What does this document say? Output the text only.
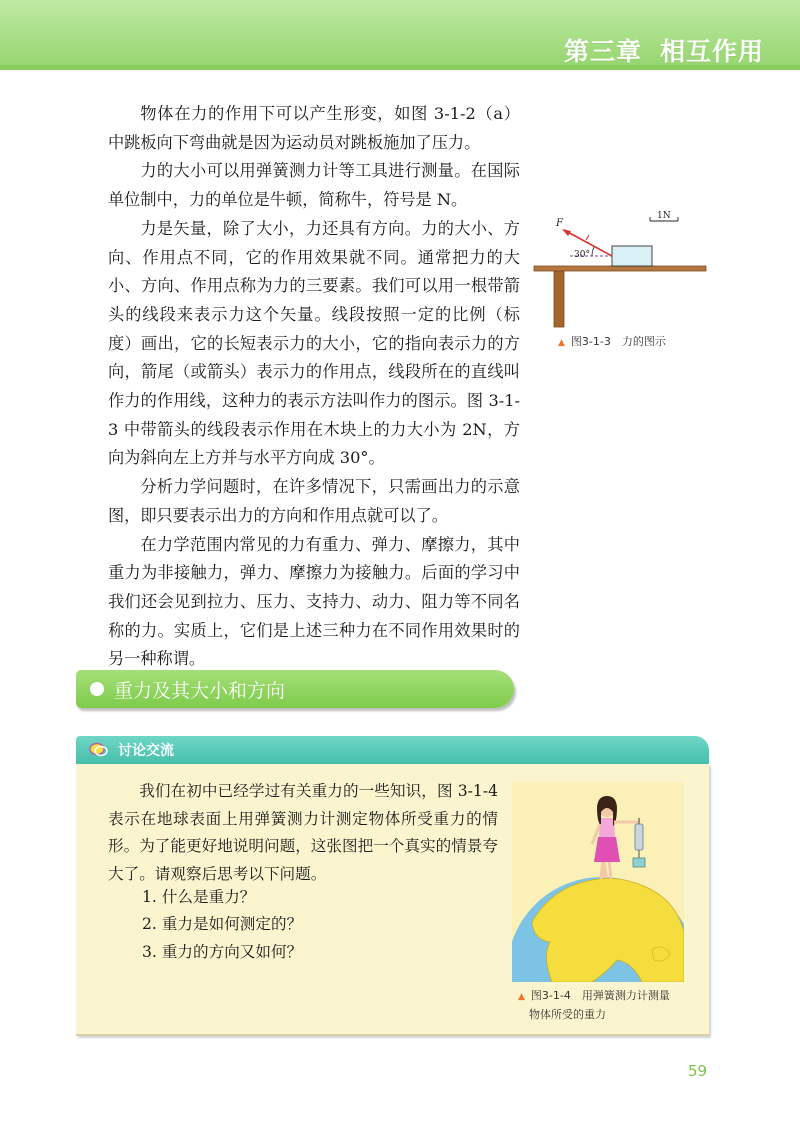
第三章 相互作用

物体在力的作用下可以产生形变，如图 3-1-2（a）中跳板向下弯曲就是因为运动员对跳板施加了压力。

力的大小可以用弹簧测力计等工具进行测量。在国际单位制中，力的单位是牛顿，简称牛，符号是 N。

力是矢量，除了大小，力还具有方向。力的大小、方向、作用点不同，它的作用效果就不同。通常把力的大小、方向、作用点称为力的三要素。我们可以用一根带箭头的线段来表示力这个矢量。线段按照一定的比例（标度）画出，它的长短表示力的大小，它的指向表示力的方向，箭尾（或箭头）表示力的作用点，线段所在的直线叫作力的作用线，这种力的表示方法叫作力的图示。图 3-1-3 中带箭头的线段表示作用在木块上的力大小为 2N，方向为斜向左上方并与水平方向成 30°。

分析力学问题时，在许多情况下，只需画出力的示意图，即只要表示出力的方向和作用点就可以了。

在力学范围内常见的力有重力、弹力、摩擦力，其中重力为非接触力，弹力、摩擦力为接触力。后面的学习中我们还会见到拉力、压力、支持力、动力、阻力等不同名称的力。实质上，它们是上述三种力在不同作用效果时的另一种称谓。

F
30°
1N
▲ 图3-1-3　力的图示
重力及其大小和方向
讨论交流

我们在初中已经学过有关重力的一些知识，图 3-1-4表示在地球表面上用弹簧测力计测定物体所受重力的情形。为了能更好地说明问题，这张图把一个真实的情景夸大了。请观察后思考以下问题。

1. 什么是重力？
2. 重力是如何测定的？
3. 重力的方向又如何？
▲ 图3-1-4　用弹簧测力计测量
物体所受的重力
59
